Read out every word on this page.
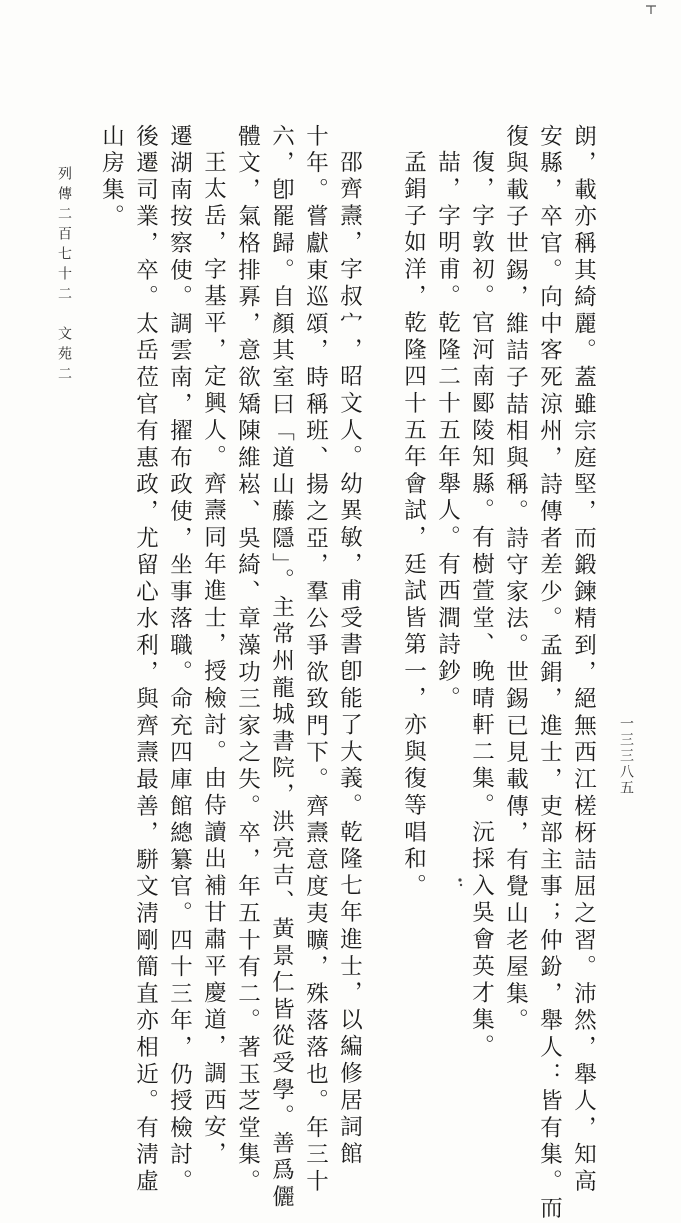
朗，載亦稱其綺麗。蓋雖宗庭堅，而鍛鍊精到，絕無西江槎枒詰屈之習。沛然，舉人，知高
安縣，卒官。向中客死涼州，詩傳者差少。孟鋗，進士，吏部主事；仲鈖，舉人：皆有集。而
復與載子世錫，維詰子喆相與稱。詩守家法。世錫已見載傳，有覺山老屋集。
復，字敦初。官河南郾陵知縣。有樹萱堂、晚晴軒二集。沅採入吳會英才集。
喆，字明甫。乾隆二十五年舉人。有西澗詩鈔。
孟鋗子如洋，乾隆四十五年會試，廷試皆第一，亦與復等唱和。
邵齊燾，字叔宀，昭文人。幼異敏，甫受書卽能了大義。乾隆七年進士，以編修居詞館
十年。嘗獻東巡頌，時稱班、揚之亞，羣公爭欲致門下。齊燾意度夷曠，殊落落也。年三十
六，卽罷歸。自顏其室曰「道山藤隱」。主常州龍城書院，洪亮吉、黃景仁皆從受學。善爲儷
體文，氣格排奡，意欲矯陳維崧、吳綺、章藻功三家之失。卒，年五十有二。著玉芝堂集。
王太岳，字基平，定興人。齊燾同年進士，授檢討。由侍讀出補甘肅平慶道，調西安，
遷湖南按察使。調雲南，擢布政使，坐事落職。命充四庫館總纂官。四十三年，仍授檢討。
後遷司業，卒。太岳莅官有惠政，尤留心水利，與齊燾最善，駢文淸剛簡直亦相近。有淸虛
山房集。
列傳二百七十二　文苑二
一三三八五
